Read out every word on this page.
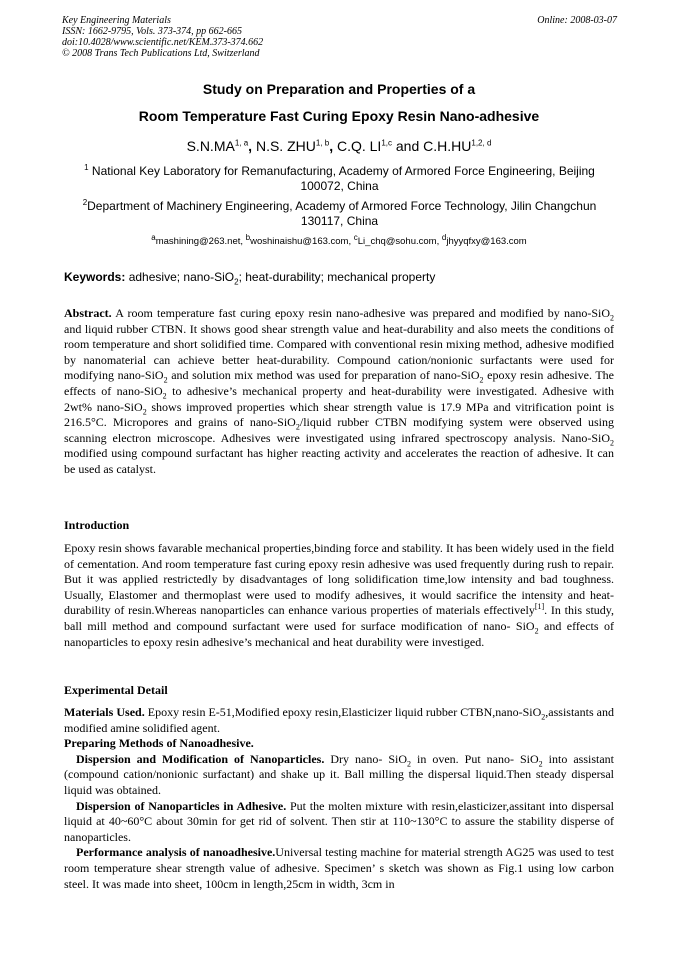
Key Engineering Materials
ISSN: 1662-9795, Vols. 373-374, pp 662-665
doi:10.4028/www.scientific.net/KEM.373-374.662
© 2008 Trans Tech Publications Ltd, Switzerland
Online: 2008-03-07
Study on Preparation and Properties of a
Room Temperature Fast Curing Epoxy Resin Nano-adhesive
S.N.MA$^{1, a}$, N.S. ZHU$^{1, b}$, C.Q. LI$^{1,c}$ and C.H.HU$^{1,2, d}$
$^1$ National Key Laboratory for Remanufacturing, Academy of Armored Force Engineering, Beijing 100072, China
$^2$Department of Machinery Engineering, Academy of Armored Force Technology, Jilin Changchun 130117, China
$^a$mashining@263.net, $^b$woshinaishu@163.com, $^c$Li_chq@sohu.com, $^d$jhyyqfxy@163.com
Keywords: adhesive; nano-SiO$_2$; heat-durability; mechanical property
Abstract. A room temperature fast curing epoxy resin nano-adhesive was prepared and modified by nano-SiO$_2$ and liquid rubber CTBN. It shows good shear strength value and heat-durability and also meets the conditions of room temperature and short solidified time. Compared with conventional resin mixing method, adhesive modified by nanomaterial can achieve better heat-durability. Compound cation/nonionic surfactants were used for modifying nano-SiO$_2$ and solution mix method was used for preparation of nano-SiO$_2$ epoxy resin adhesive. The effects of nano-SiO$_2$ to adhesive’s mechanical property and heat-durability were investigated. Adhesive with 2wt% nano-SiO$_2$ shows improved properties which shear strength value is 17.9 MPa and vitrification point is 216.5°C. Micropores and grains of nano-SiO$_2$/liquid rubber CTBN modifying system were observed using scanning electron microscope. Adhesives were investigated using infrared spectroscopy analysis. Nano-SiO$_2$ modified using compound surfactant has higher reacting activity and accelerates the reaction of adhesive. It can be used as catalyst.
Introduction
Epoxy resin shows favarable mechanical properties,binding force and stability. It has been widely used in the field of cementation. And room temperature fast curing epoxy resin adhesive was used frequently during rush to repair. But it was applied restrictedly by disadvantages of long solidification time,low intensity and bad toughness. Usually, Elastomer and thermoplast were used to modify adhesives, it would sacrifice the intensity and heat-durability of resin.Whereas nanoparticles can enhance various properties of materials effectively[1]. In this study, ball mill method and compound surfactant were used for surface modification of nano- SiO$_2$ and effects of nanoparticles to epoxy resin adhesive’s mechanical and heat durability were investiged.
Experimental Detail
Materials Used. Epoxy resin E-51,Modified epoxy resin,Elasticizer liquid rubber CTBN,nano-SiO$_2$,assistants and modified amine solidified agent.
Preparing Methods of Nanoadhesive.
Dispersion and Modification of Nanoparticles. Dry nano- SiO$_2$ in oven. Put nano- SiO$_2$ into assistant (compound cation/nonionic surfactant) and shake up it. Ball milling the dispersal liquid.Then steady dispersal liquid was obtained.
Dispersion of Nanoparticles in Adhesive. Put the molten mixture with resin,elasticizer,assitant into dispersal liquid at 40~60°C about 30min for get rid of solvent. Then stir at 110~130°C to assure the stability disperse of nanoparticles.
Performance analysis of nanoadhesive.Universal testing machine for material strength AG25 was used to test room temperature shear strength value of adhesive. Specimen’ s sketch was shown as Fig.1 using low carbon steel. It was made into sheet, 100cm in length,25cm in width, 3cm in
